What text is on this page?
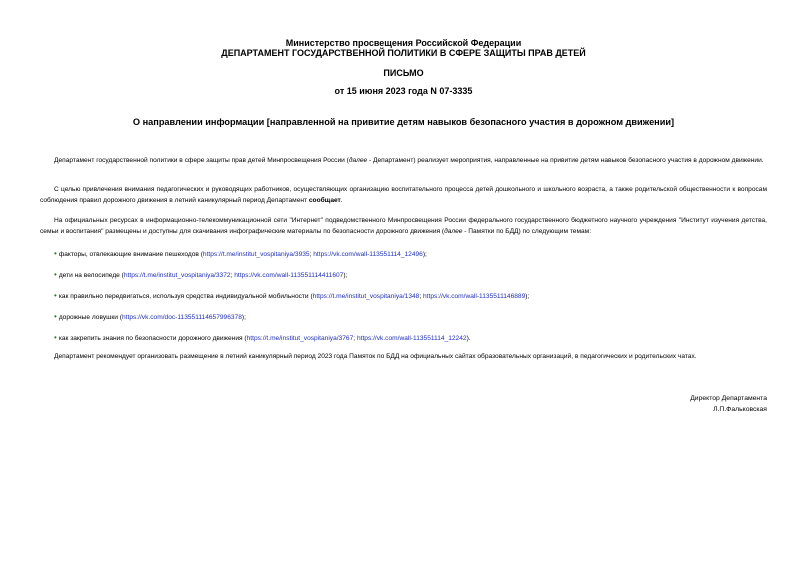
Министерство просвещения Российской Федерации
ДЕПАРТАМЕНТ ГОСУДАРСТВЕННОЙ ПОЛИТИКИ В СФЕРЕ ЗАЩИТЫ ПРАВ ДЕТЕЙ
ПИСЬМО
от 15 июня 2023 года N 07-3335
О направлении информации [направленной на привитие детям навыков безопасного участия в дорожном движении]
Департамент государственной политики в сфере защиты прав детей Минпросвещения России (далее - Департамент) реализует мероприятия, направленные на привитие детям навыков безопасного участия в дорожном движении.
С целью привлечения внимания педагогических и руководящих работников, осуществляющих организацию воспитательного процесса детей дошкольного и школьного возраста, а также родительской общественности к вопросам соблюдения правил дорожного движения в летний каникулярный период Департамент сообщает.
На официальных ресурсах в информационно-телекоммуникационной сети "Интернет" подведомственного Минпросвещения России федерального государственного бюджетного научного учреждения "Институт изучения детства, семьи и воспитания" размещены и доступны для скачивания инфографические материалы по безопасности дорожного движения (далее - Памятки по БДД) по следующим темам:
• факторы, отвлекающие внимание пешеходов (https://t.me/institut_vospitaniya/3935; https://vk.com/wall-113551114_12496);
• дети на велосипеде (https://t.me/institut_vospitaniya/3372; https://vk.com/wall-113551114411607);
• как правильно передвигаться, используя средства индивидуальной мобильности (https://t.me/institut_vospitaniya/1348; https://vk.com/wall-1135511146889);
• дорожные ловушки (https://vk.com/doc-113551114657996378);
• как закрепить знания по безопасности дорожного движения (https://t.me/institut_vospitaniya/3767; https://vk.com/wall-113551114_12242).
Департамент рекомендует организовать размещение в летний каникулярный период 2023 года Памяток по БДД на официальных сайтах образовательных организаций, в педагогических и родительских чатах.
Директор Департамента
Л.П.Фальковская
